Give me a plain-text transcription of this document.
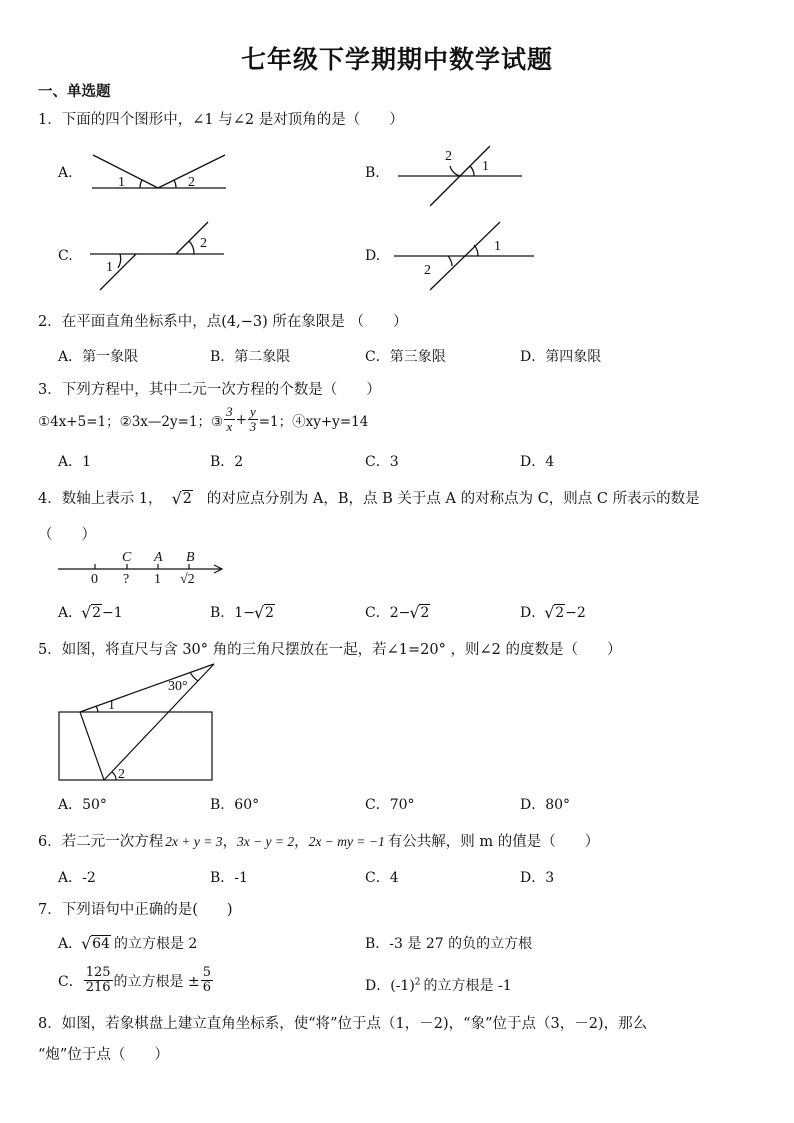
七年级下学期期中数学试题
一、单选题
1．下面的四个图形中，∠1 与∠2 是对顶角的是（　　）
A.	B.
C.	D.
1	2
2
1
1
2
2
1
2．在平面直角坐标系中，点(4,−3) 所在象限是 （　　）
A．第一象限	B．第二象限	C．第三象限	D．第四象限
3．下列方程中，其中二元一次方程的个数是（　　）
①4x+5=1；②3x—2y=1；③ $\frac{3}{x} + \frac{y}{3} =1$；④xy+y=14
A．1	B．2	C．3	D．4
4．数轴上表示 1， √ 2 的对应点分别为 A，B，点 B 关于点 A 的对称点为 C，则点 C 所表示的数是
（　　）
C A B
0 ? 1 √2
A． √ 2−1	B．1− √ 2	C．2− √ 2	D． √ 2−2
5．如图，将直尺与含 30° 角的三角尺摆放在一起，若∠1=20° ，则∠2 的度数是（　　）
30°
1
2
A．50°	B．60°	C．70°	D．80°
6．若二元一次方程 2x + y = 3，3x − y = 2，2x − my = −1 有公共解，则 m 的值是（　　）
A．-2	B．-1	C．4	D．3
7．下列语句中正确的是(　　)
A． √ 64 的立方根是 2	B．-3 是 27 的负的立方根
C． $\frac{125}{216}$ 的立方根是 ± $\frac{5}{6}$	D．$(-1)^2$ 的立方根是 -1
8．如图，若象棋盘上建立直角坐标系，使“将”位于点（1，－2)，“象”位于点（3，－2)，那么
“炮”位于点（　　）
